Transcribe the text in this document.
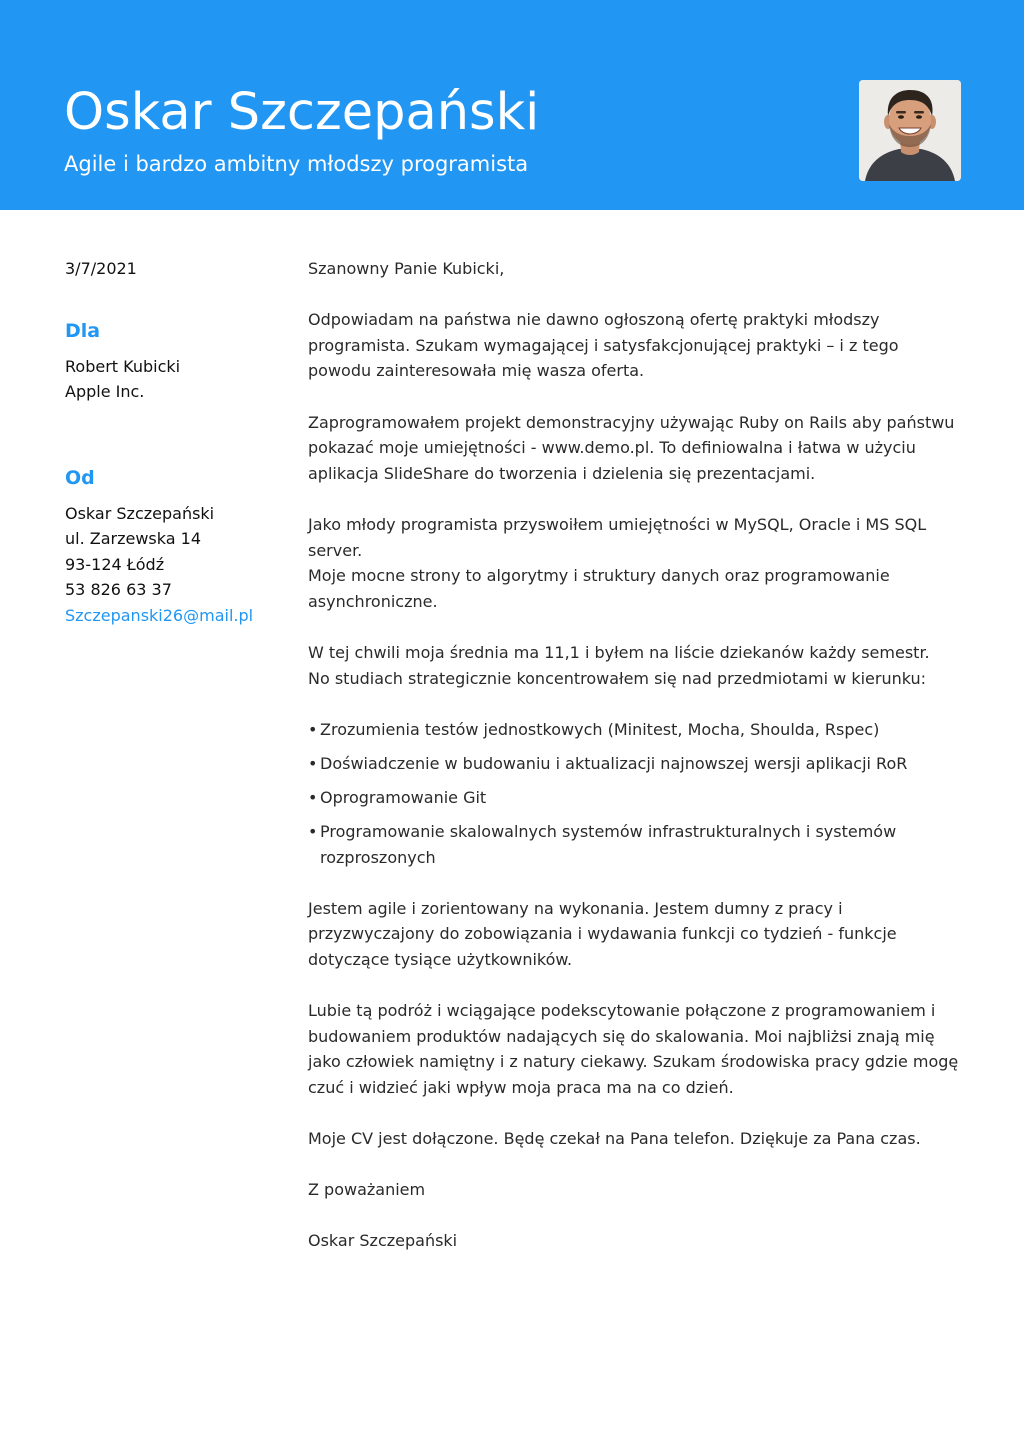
Oskar Szczepański

Agile i bardzo ambitny młodszy programista

3/7/2021

Dla
Robert Kubicki
Apple Inc.
Od
Oskar Szczepański
ul. Zarzewska 14
93-124 Łódź
53 826 63 37
Szczepanski26@mail.pl

Szanowny Panie Kubicki,

Odpowiadam na państwa nie dawno ogłoszoną ofertę praktyki młodszy programista. Szukam wymagającej i satysfakcjonującej praktyki – i z tego powodu zainteresowała mię wasza oferta.

Zaprogramowałem projekt demonstracyjny używając Ruby on Rails aby państwu pokazać moje umiejętności - www.demo.pl. To definiowalna i łatwa w użyciu aplikacja SlideShare do tworzenia i dzielenia się prezentacjami.

Jako młody programista przyswoiłem umiejętności w MySQL, Oracle i MS SQL server.
Moje mocne strony to algorytmy i struktury danych oraz programowanie asynchroniczne.

W tej chwili moja średnia ma 11,1 i byłem na liście dziekanów każdy semestr.
No studiach strategicznie koncentrowałem się nad przedmiotami w kierunku:

• Zrozumienia testów jednostkowych (Minitest, Mocha, Shoulda, Rspec)
• Doświadczenie w budowaniu i aktualizacji najnowszej wersji aplikacji RoR
• Oprogramowanie Git
• Programowanie skalowalnych systemów infrastrukturalnych i systemów rozproszonych

Jestem agile i zorientowany na wykonania. Jestem dumny z pracy i przyzwyczajony do zobowiązania i wydawania funkcji co tydzień - funkcje dotyczące tysiące użytkowników.

Lubie tą podróż i wciągające podekscytowanie połączone z programowaniem i budowaniem produktów nadających się do skalowania. Moi najbliżsi znają mię jako człowiek namiętny i z natury ciekawy. Szukam środowiska pracy gdzie mogę czuć i widzieć jaki wpływ moja praca ma na co dzień.

Moje CV jest dołączone. Będę czekał na Pana telefon. Dziękuje za Pana czas.

Z poważaniem

Oskar Szczepański
